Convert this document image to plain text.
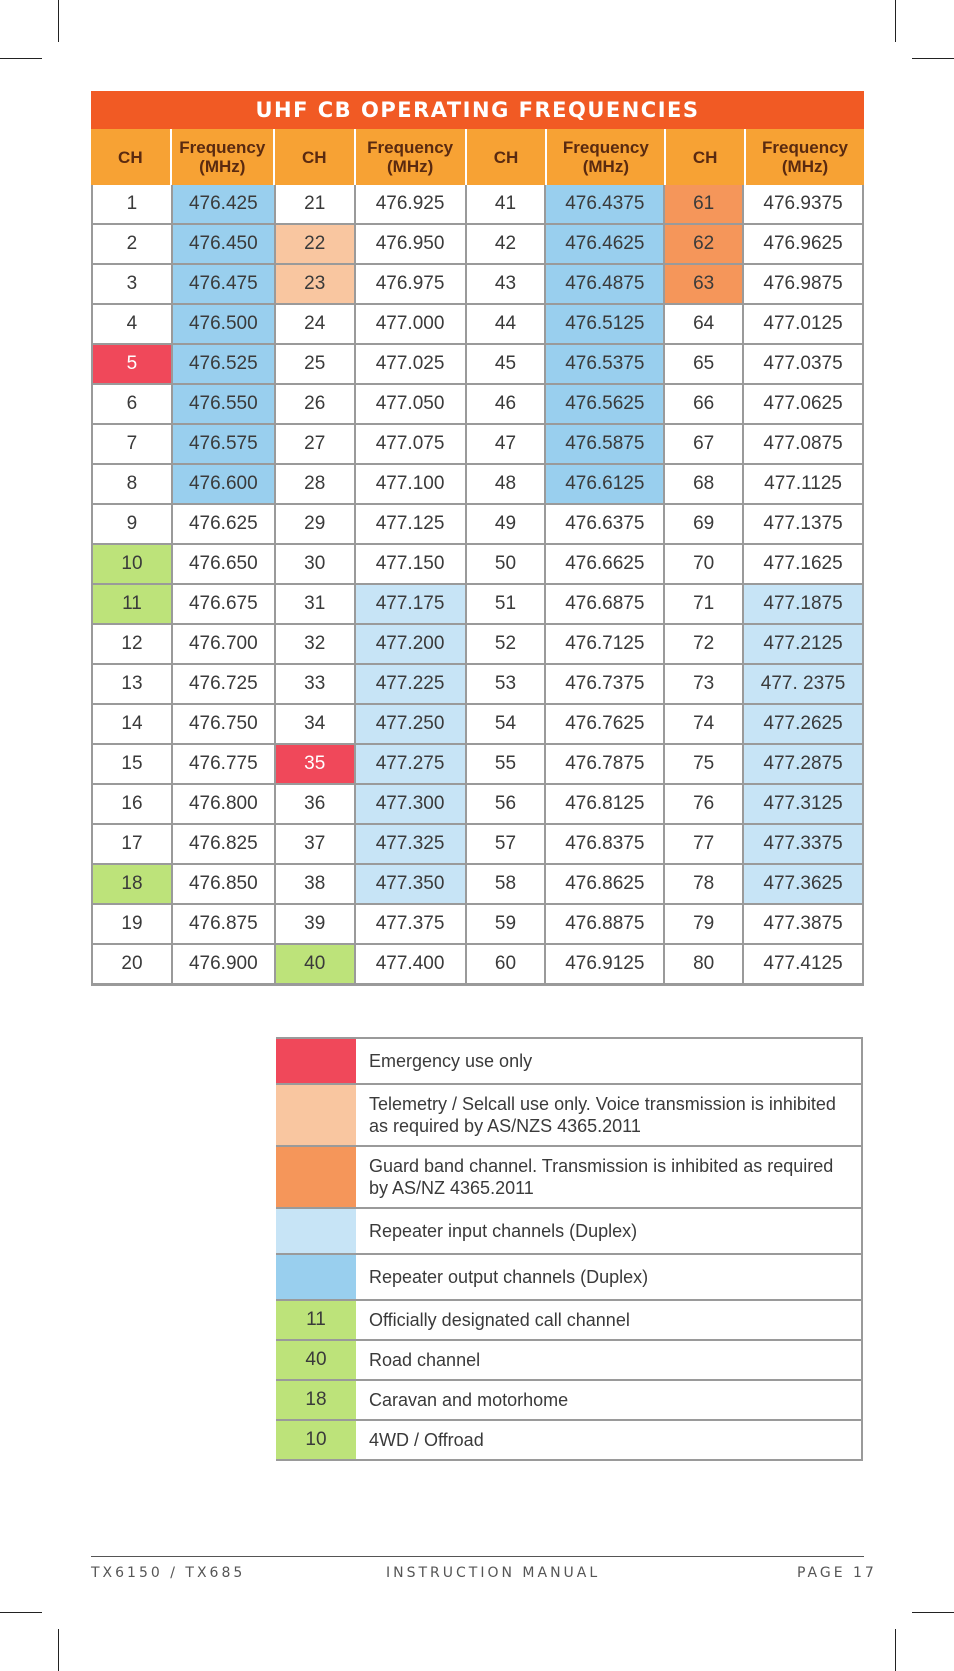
UHF CB OPERATING FREQUENCIES
CH	Frequency (MHz)	CH	Frequency (MHz)	CH	Frequency (MHz)	CH	Frequency (MHz)
1	476.425	21	476.925	41	476.4375	61	476.9375
2	476.450	22	476.950	42	476.4625	62	476.9625
3	476.475	23	476.975	43	476.4875	63	476.9875
4	476.500	24	477.000	44	476.5125	64	477.0125
5	476.525	25	477.025	45	476.5375	65	477.0375
6	476.550	26	477.050	46	476.5625	66	477.0625
7	476.575	27	477.075	47	476.5875	67	477.0875
8	476.600	28	477.100	48	476.6125	68	477.1125
9	476.625	29	477.125	49	476.6375	69	477.1375
10	476.650	30	477.150	50	476.6625	70	477.1625
11	476.675	31	477.175	51	476.6875	71	477.1875
12	476.700	32	477.200	52	476.7125	72	477.2125
13	476.725	33	477.225	53	476.7375	73	477. 2375
14	476.750	34	477.250	54	476.7625	74	477.2625
15	476.775	35	477.275	55	476.7875	75	477.2875
16	476.800	36	477.300	56	476.8125	76	477.3125
17	476.825	37	477.325	57	476.8375	77	477.3375
18	476.850	38	477.350	58	476.8625	78	477.3625
19	476.875	39	477.375	59	476.8875	79	477.3875
20	476.900	40	477.400	60	476.9125	80	477.4125
Emergency use only
Telemetry / Selcall use only. Voice transmission is inhibited as required by AS/NZS 4365.2011
Guard band channel. Transmission is inhibited as required by AS/NZ 4365.2011
Repeater input channels (Duplex)
Repeater output channels (Duplex)
11	Officially designated call channel
40	Road channel
18	Caravan and motorhome
10	4WD / Offroad
TX6150 / TX685	INSTRUCTION MANUAL	PAGE 17
